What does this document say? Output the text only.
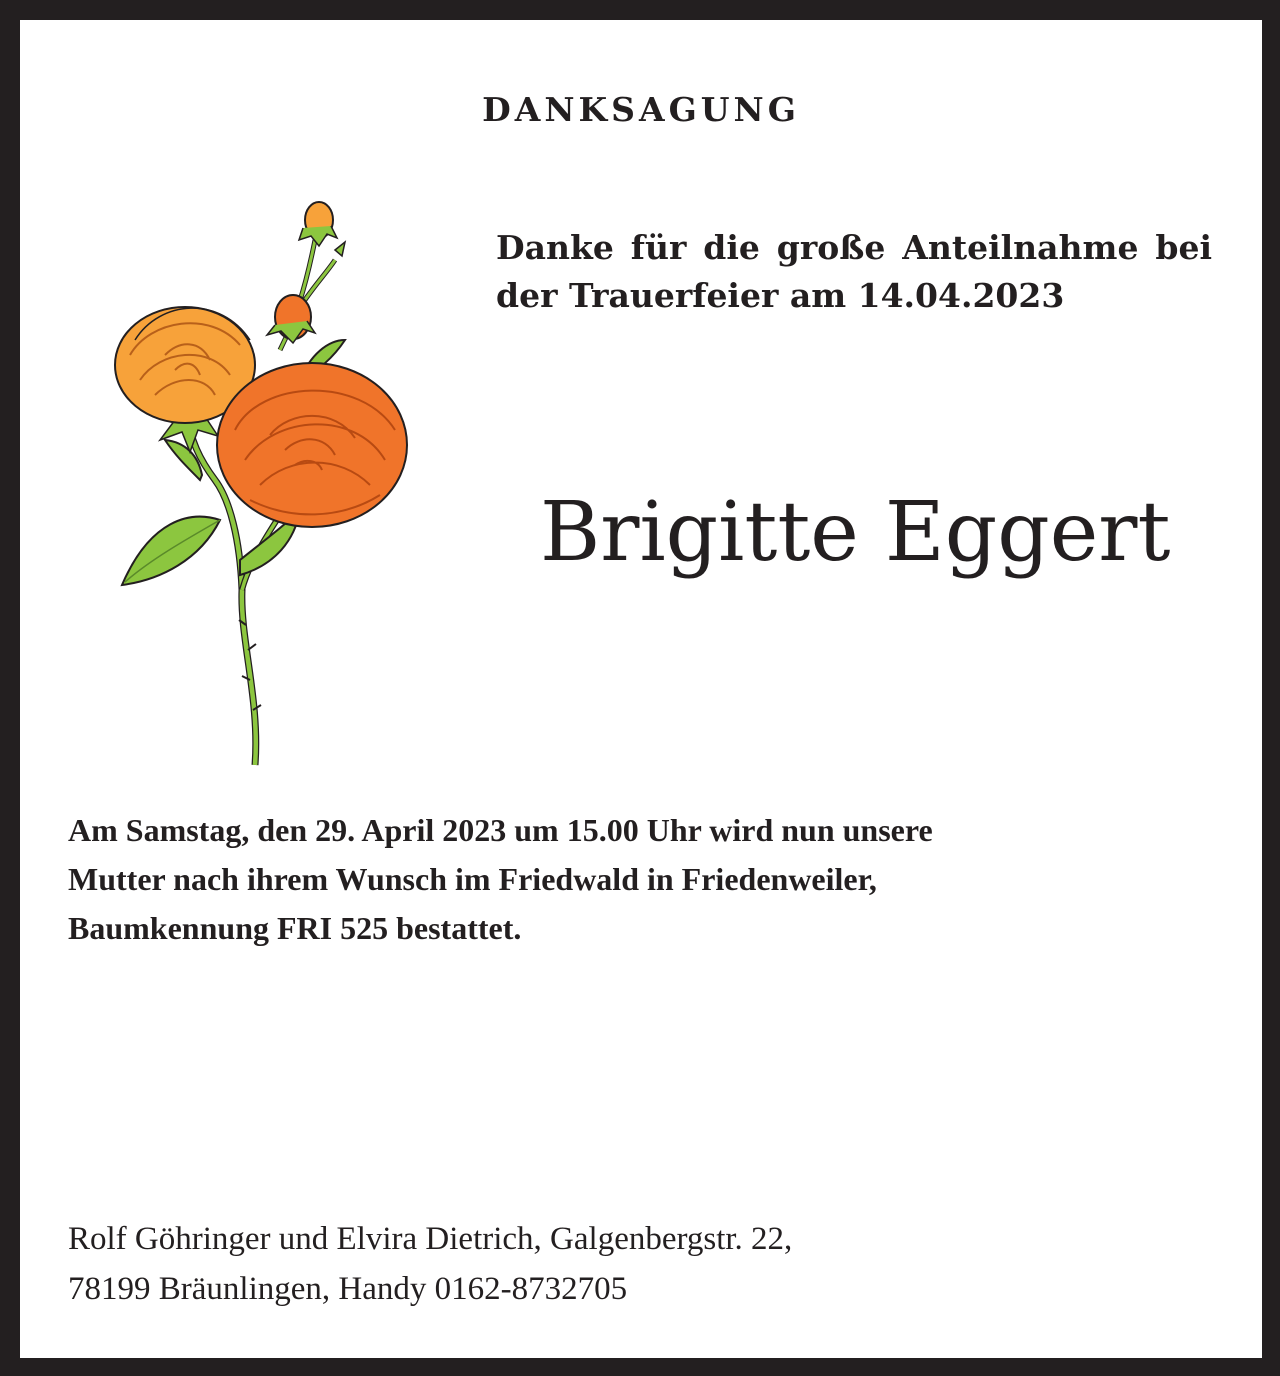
DANKSAGUNG
Danke für die große Anteilnahme bei
der Trauerfeier am 14.04.2023
Brigitte Eggert
Am Samstag, den 29. April 2023 um 15.00 Uhr wird nun unsere
Mutter nach ihrem Wunsch im Friedwald in Friedenweiler,
Baumkennung FRI 525 bestattet.
Rolf Göhringer und Elvira Dietrich, Galgenbergstr. 22,
78199 Bräunlingen, Handy 0162-8732705
